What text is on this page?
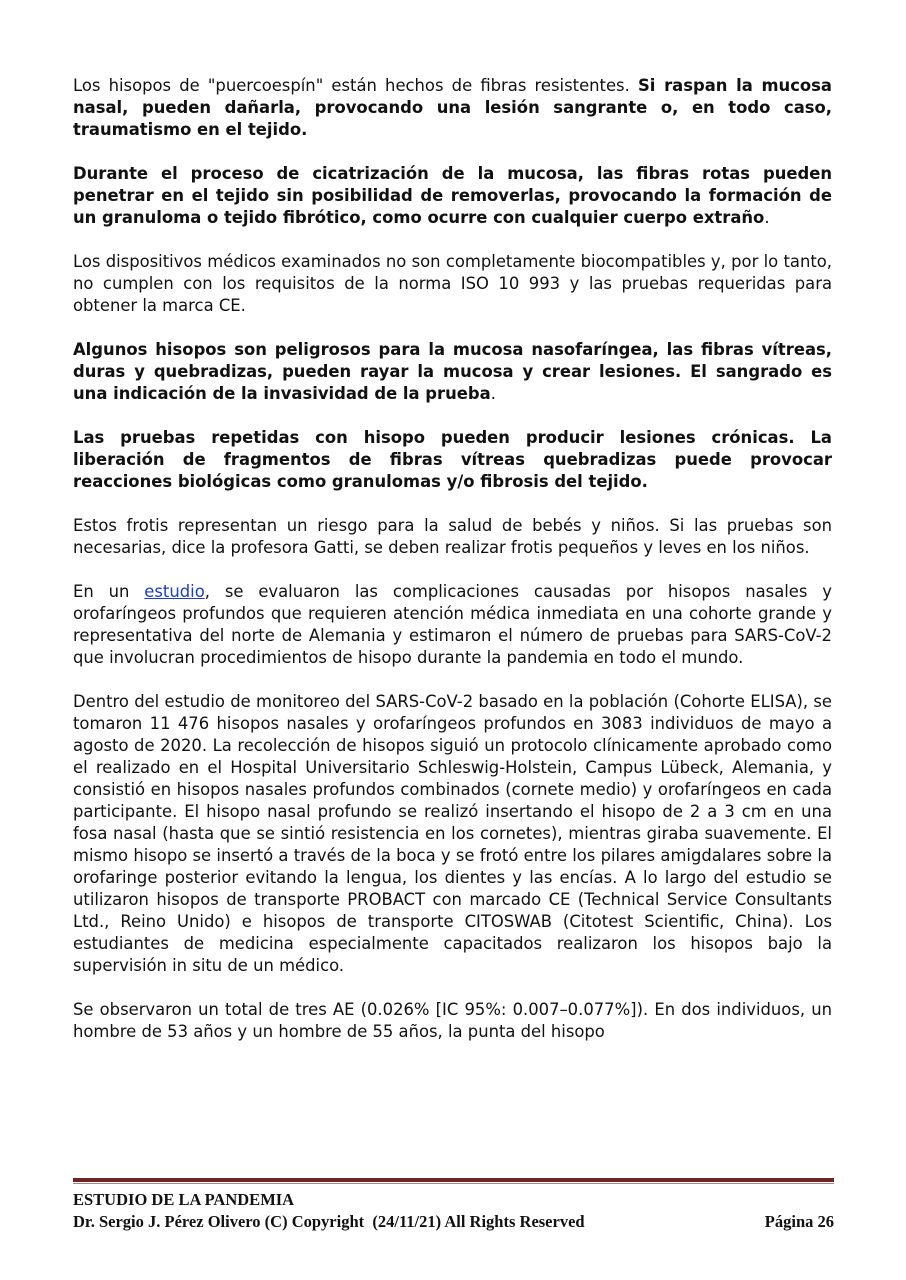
Los hisopos de "puercoespín" están hechos de fibras resistentes. Si raspan la mucosa nasal, pueden dañarla, provocando una lesión sangrante o, en todo caso, traumatismo en el tejido.

Durante el proceso de cicatrización de la mucosa, las fibras rotas pueden penetrar en el tejido sin posibilidad de removerlas, provocando la formación de un granuloma o tejido fibrótico, como ocurre con cualquier cuerpo extraño.

Los dispositivos médicos examinados no son completamente biocompatibles y, por lo tanto, no cumplen con los requisitos de la norma ISO 10 993 y las pruebas requeridas para obtener la marca CE.

Algunos hisopos son peligrosos para la mucosa nasofaríngea, las fibras vítreas, duras y quebradizas, pueden rayar la mucosa y crear lesiones. El sangrado es una indicación de la invasividad de la prueba.

Las pruebas repetidas con hisopo pueden producir lesiones crónicas. La liberación de fragmentos de fibras vítreas quebradizas puede provocar reacciones biológicas como granulomas y/o fibrosis del tejido.

Estos frotis representan un riesgo para la salud de bebés y niños. Si las pruebas son necesarias, dice la profesora Gatti, se deben realizar frotis pequeños y leves en los niños.

En un estudio, se evaluaron las complicaciones causadas por hisopos nasales y orofaríngeos profundos que requieren atención médica inmediata en una cohorte grande y representativa del norte de Alemania y estimaron el número de pruebas para SARS-CoV-2 que involucran procedimientos de hisopo durante la pandemia en todo el mundo.

Dentro del estudio de monitoreo del SARS-CoV-2 basado en la población (Cohorte ELISA), se tomaron 11 476 hisopos nasales y orofaríngeos profundos en 3083 individuos de mayo a agosto de 2020. La recolección de hisopos siguió un protocolo clínicamente aprobado como el realizado en el Hospital Universitario Schleswig-Holstein, Campus Lübeck, Alemania, y consistió en hisopos nasales profundos combinados (cornete medio) y orofaríngeos en cada participante. El hisopo nasal profundo se realizó insertando el hisopo de 2 a 3 cm en una fosa nasal (hasta que se sintió resistencia en los cornetes), mientras giraba suavemente. El mismo hisopo se insertó a través de la boca y se frotó entre los pilares amigdalares sobre la orofaringe posterior evitando la lengua, los dientes y las encías. A lo largo del estudio se utilizaron hisopos de transporte PROBACT con marcado CE (Technical Service Consultants Ltd., Reino Unido) e hisopos de transporte CITOSWAB (Citotest Scientific, China). Los estudiantes de medicina especialmente capacitados realizaron los hisopos bajo la supervisión in situ de un médico.

Se observaron un total de tres AE (0.026% [IC 95%: 0.007–0.077%]). En dos individuos, un hombre de 53 años y un hombre de 55 años, la punta del hisopo

ESTUDIO DE LA PANDEMIA
Dr. Sergio J. Pérez Olivero (C) Copyright  (24/11/21) All Rights Reserved	Página 26
